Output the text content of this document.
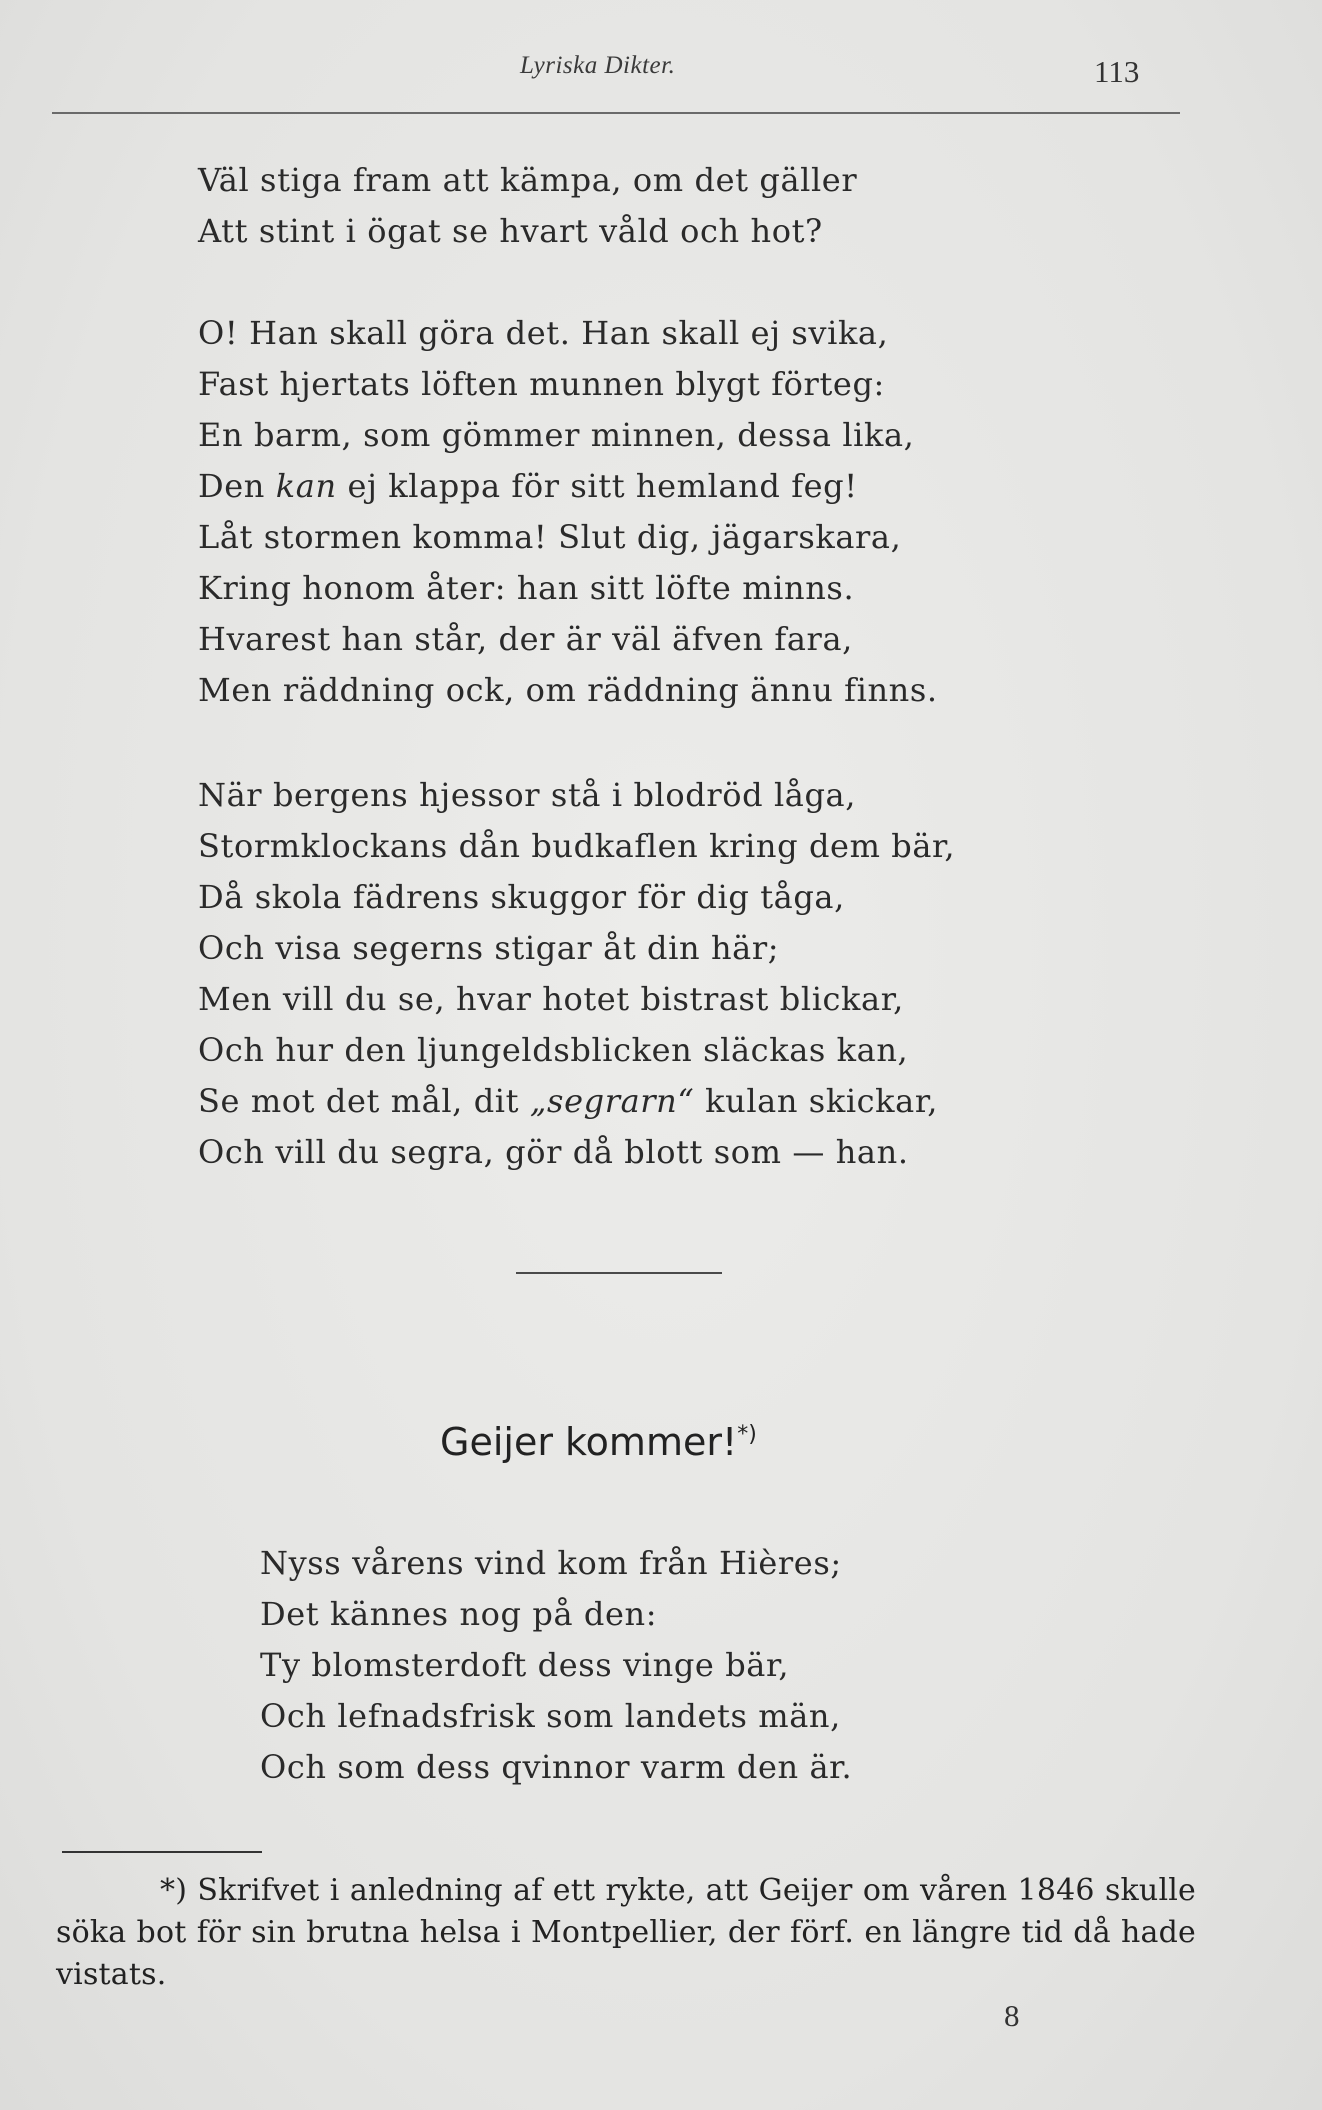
Lyriska Dikter.	113
Väl stiga fram att kämpa, om det gäller
Att stint i ögat se hvart våld och hot?
O! Han skall göra det. Han skall ej svika,
Fast hjertats löften munnen blygt förteg:
En barm, som gömmer minnen, dessa lika,
Den kan ej klappa för sitt hemland feg!
Låt stormen komma! Slut dig, jägarskara,
Kring honom åter: han sitt löfte minns.
Hvarest han står, der är väl äfven fara,
Men räddning ock, om räddning ännu finns.
När bergens hjessor stå i blodröd låga,
Stormklockans dån budkaflen kring dem bär,
Då skola fädrens skuggor för dig tåga,
Och visa segerns stigar åt din här;
Men vill du se, hvar hotet bistrast blickar,
Och hur den ljungeldsblicken släckas kan,
Se mot det mål, dit „segrarn“ kulan skickar,
Och vill du segra, gör då blott som — han.
Geijer kommer!*)
Nyss vårens vind kom från Hières;
Det kännes nog på den:
Ty blomsterdoft dess vinge bär,
Och lefnadsfrisk som landets män,
Och som dess qvinnor varm den är.
*) Skrifvet i anledning af ett rykte, att Geijer om våren 1846 skulle söka bot för sin brutna helsa i Montpellier, der förf. en längre tid då hade vistats.
8
